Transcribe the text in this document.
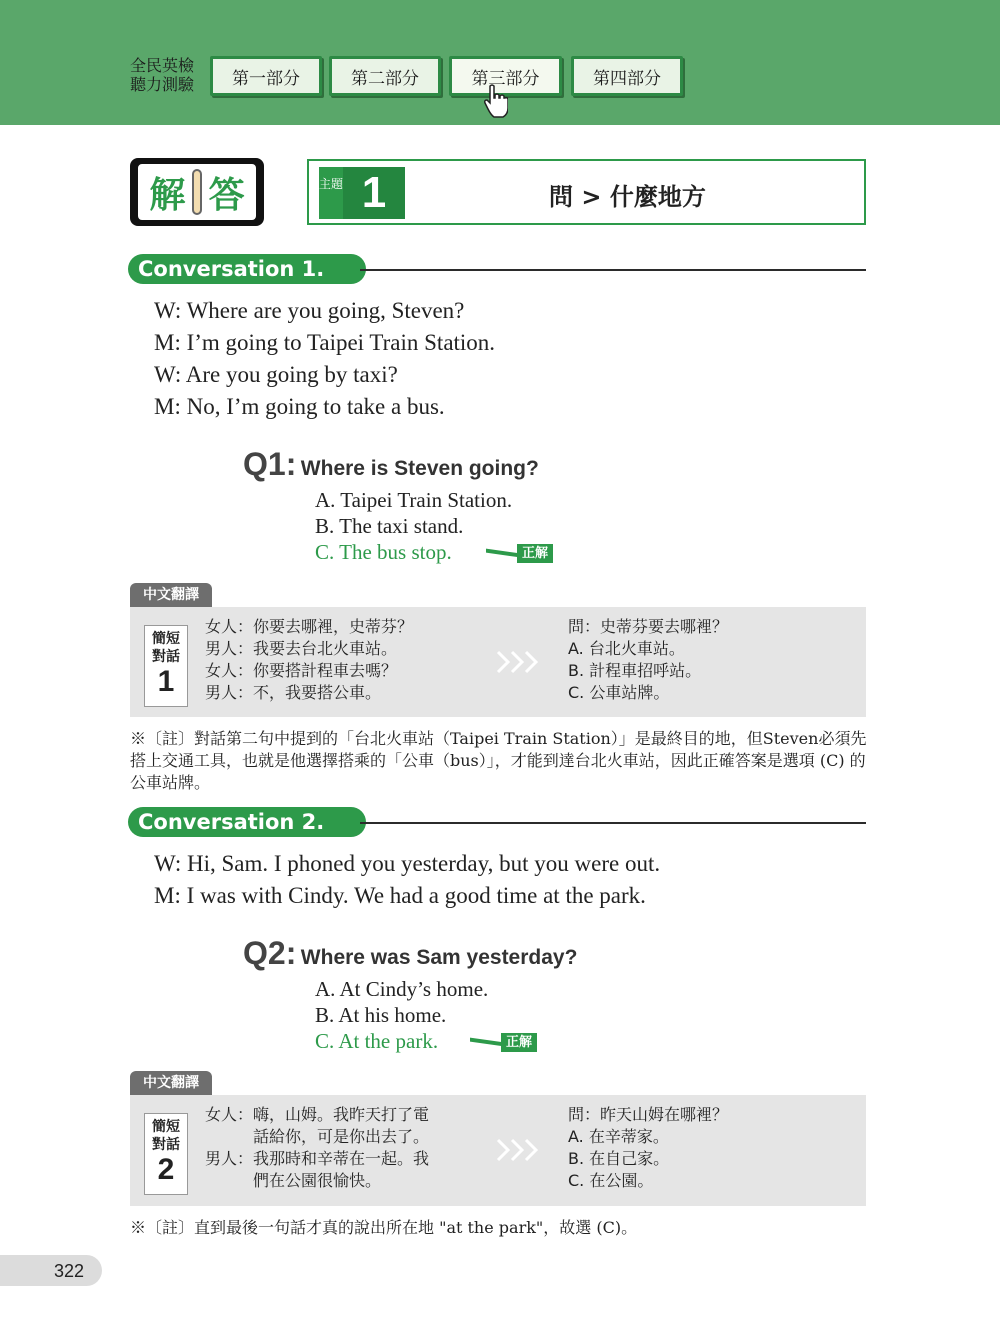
全民英檢
聽力測驗	第一部分	第二部分	第三部分	第四部分
解 答	主題 1	問 > 什麼地方
Conversation 1.
W: Where are you going, Steven?
M: I’m going to Taipei Train Station.
W: Are you going by taxi?
M: No, I’m going to take a bus.
Q1: Where is Steven going?
A. Taipei Train Station.
B. The taxi stand.
C. The bus stop.	正解
中文翻譯
簡短
對話
1
女人：你要去哪裡，史蒂芬？
男人：我要去台北火車站。
女人：你要搭計程車去嗎？
男人：不，我要搭公車。
問：史蒂芬要去哪裡？
A. 台北火車站。
B. 計程車招呼站。
C. 公車站牌。
※〔註〕對話第二句中提到的「台北火車站（Taipei Train Station）」是最終目的地，但Steven必須先搭上交通工具，也就是他選擇搭乘的「公車（bus）」，才能到達台北火車站，因此正確答案是選項 (C) 的公車站牌。
Conversation 2.
W: Hi, Sam. I phoned you yesterday, but you were out.
M: I was with Cindy. We had a good time at the park.
Q2: Where was Sam yesterday?
A. At Cindy’s home.
B. At his home.
C. At the park.	正解
中文翻譯
簡短
對話
2
女人：嗨，山姆。我昨天打了電
　　　話給你，可是你出去了。
男人：我那時和辛蒂在一起。我
　　　們在公園很愉快。
問：昨天山姆在哪裡？
A. 在辛蒂家。
B. 在自己家。
C. 在公園。
※〔註〕直到最後一句話才真的說出所在地 "at the park"，故選 (C)。
322
